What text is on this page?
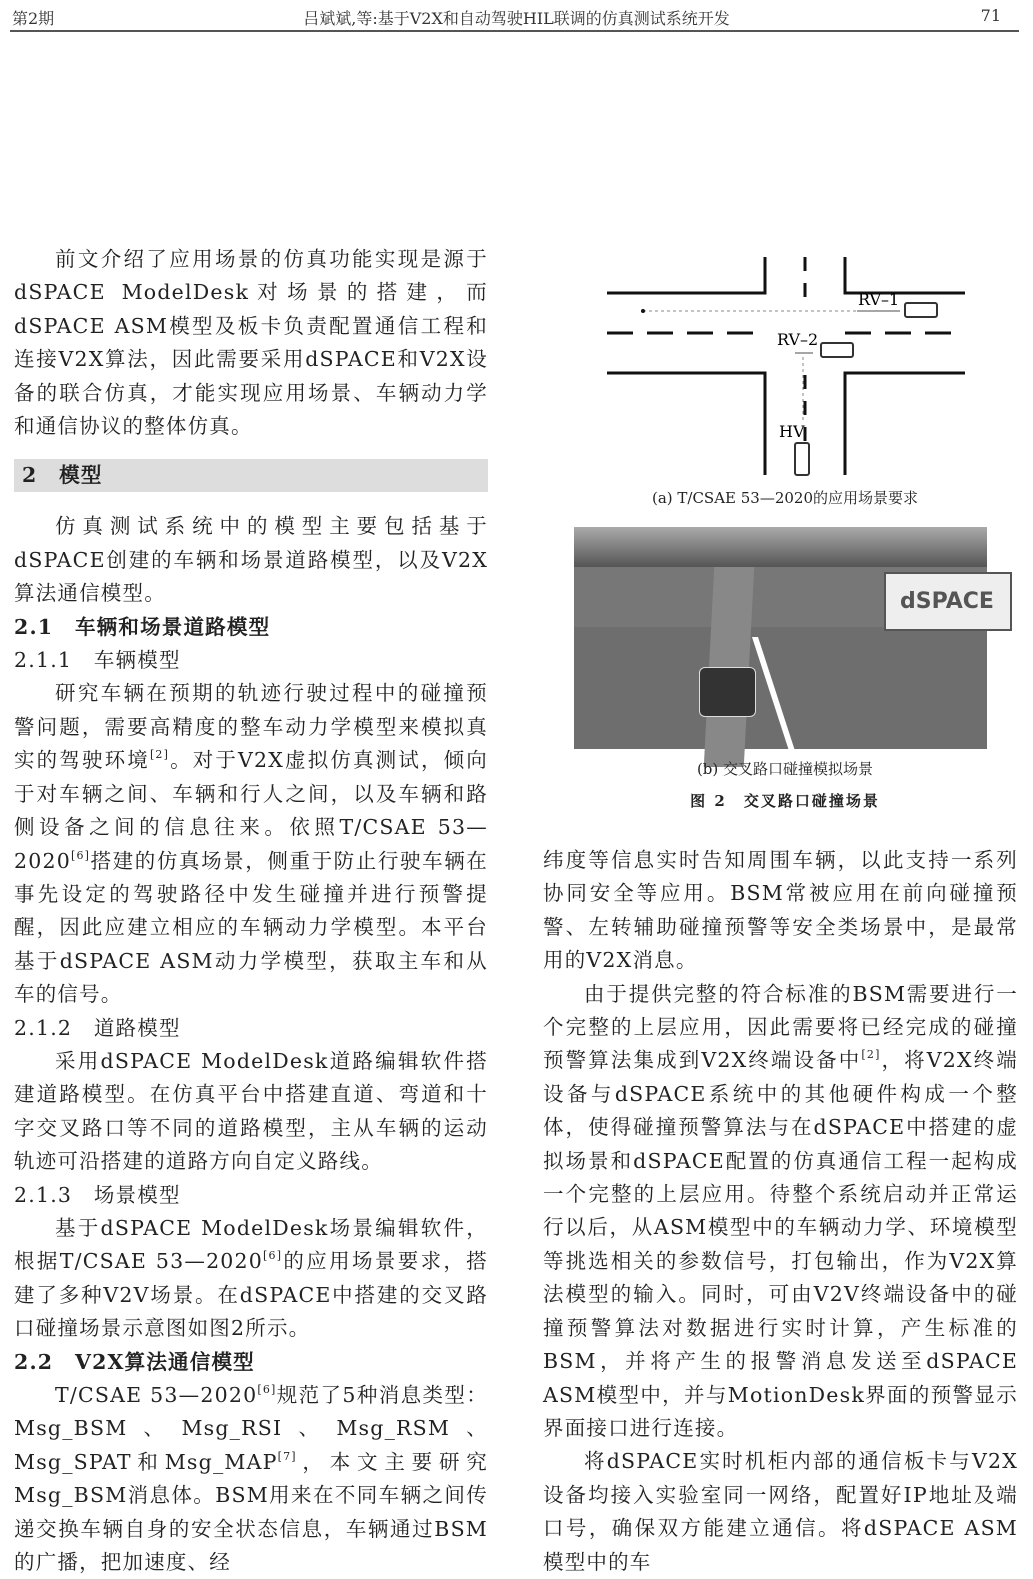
第2期	吕斌斌,等:基于V2X和自动驾驶HIL联调的仿真测试系统开发	71
前文介绍了应用场景的仿真功能实现是源于dSPACE ModelDesk对场景的搭建，而dSPACE ASM模型及板卡负责配置通信工程和连接V2X算法，因此需要采用dSPACE和V2X设备的联合仿真，才能实现应用场景、车辆动力学和通信协议的整体仿真。
2　模型
仿真测试系统中的模型主要包括基于dSPACE创建的车辆和场景道路模型，以及V2X算法通信模型。
2.1　车辆和场景道路模型
2.1.1　车辆模型
研究车辆在预期的轨迹行驶过程中的碰撞预警问题，需要高精度的整车动力学模型来模拟真实的驾驶环境[2]。对于V2X虚拟仿真测试，倾向于对车辆之间、车辆和行人之间，以及车辆和路侧设备之间的信息往来。依照T/CSAE 53—2020[6]搭建的仿真场景，侧重于防止行驶车辆在事先设定的驾驶路径中发生碰撞并进行预警提醒，因此应建立相应的车辆动力学模型。本平台基于dSPACE ASM动力学模型，获取主车和从车的信号。
2.1.2　道路模型
采用dSPACE ModelDesk道路编辑软件搭建道路模型。在仿真平台中搭建直道、弯道和十字交叉路口等不同的道路模型，主从车辆的运动轨迹可沿搭建的道路方向自定义路线。
2.1.3　场景模型
基于dSPACE ModelDesk场景编辑软件，根据T/CSAE 53—2020[6]的应用场景要求，搭建了多种V2V场景。在dSPACE中搭建的交叉路口碰撞场景示意图如图2所示。
2.2　V2X算法通信模型
T/CSAE 53—2020[6]规范了5种消息类型：Msg_BSM、Msg_RSI、Msg_RSM、Msg_SPAT和Msg_MAP[7]，本文主要研究Msg_BSM消息体。BSM用来在不同车辆之间传递交换车辆自身的安全状态信息，车辆通过BSM的广播，把加速度、经
纬度等信息实时告知周围车辆，以此支持一系列协同安全等应用。BSM常被应用在前向碰撞预警、左转辅助碰撞预警等安全类场景中，是最常用的V2X消息。
由于提供完整的符合标准的BSM需要进行一个完整的上层应用，因此需要将已经完成的碰撞预警算法集成到V2X终端设备中[2]，将V2X终端设备与dSPACE系统中的其他硬件构成一个整体，使得碰撞预警算法与在dSPACE中搭建的虚拟场景和dSPACE配置的仿真通信工程一起构成一个完整的上层应用。待整个系统启动并正常运行以后，从ASM模型中的车辆动力学、环境模型等挑选相关的参数信号，打包输出，作为V2X算法模型的输入。同时，可由V2V终端设备中的碰撞预警算法对数据进行实时计算，产生标准的BSM，并将产生的报警消息发送至dSPACE ASM模型中，并与MotionDesk界面的预警显示界面接口进行连接。
将dSPACE实时机柜内部的通信板卡与V2X设备均接入实验室同一网络，配置好IP地址及端口号，确保双方能建立通信。将dSPACE ASM模型中的车
RV–1
RV–2
HV
(a) T/CSAE 53—2020的应用场景要求
dSPACE
(b) 交叉路口碰撞模拟场景
图 2　交叉路口碰撞场景
